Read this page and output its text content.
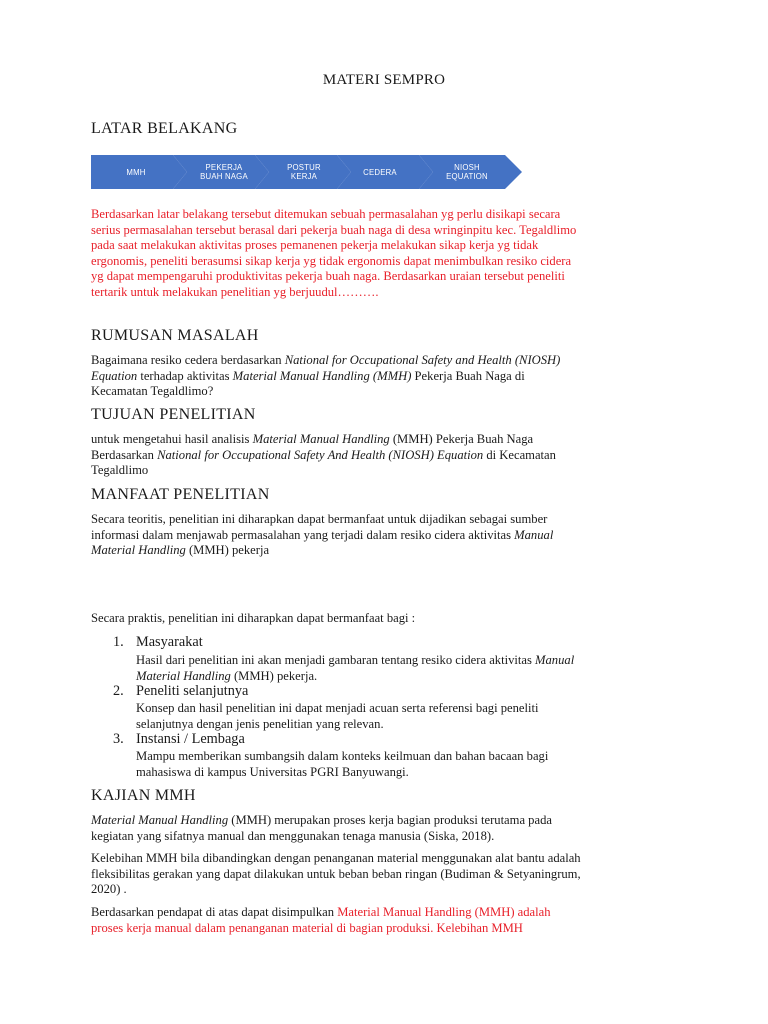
MATERI SEMPRO
LATAR BELAKANG
MMH	PEKERJA
BUAH NAGA
POSTUR
KERJA	CEDERA	NIOSH
EQUATION
Berdasarkan latar belakang tersebut ditemukan sebuah permasalahan yg perlu disikapi secara
serius permasalahan tersebut berasal dari pekerja buah naga di desa wringinpitu kec. Tegaldlimo
pada saat melakukan aktivitas proses pemanenen pekerja melakukan sikap kerja yg tidak
ergonomis, peneliti berasumsi sikap kerja yg tidak ergonomis dapat menimbulkan resiko cidera
yg dapat mempengaruhi produktivitas pekerja buah naga. Berdasarkan uraian tersebut peneliti
tertarik untuk melakukan penelitian yg berjuudul……….
RUMUSAN MASALAH
Bagaimana resiko cedera berdasarkan National for Occupational Safety and Health (NIOSH)
Equation terhadap aktivitas Material Manual Handling (MMH) Pekerja Buah Naga di
Kecamatan Tegaldlimo?
TUJUAN PENELITIAN
untuk mengetahui hasil analisis Material Manual Handling (MMH) Pekerja Buah Naga
Berdasarkan National for Occupational Safety And Health (NIOSH) Equation di Kecamatan
Tegaldlimo
MANFAAT PENELITIAN
Secara teoritis, penelitian ini diharapkan dapat bermanfaat untuk dijadikan sebagai sumber
informasi dalam menjawab permasalahan yang terjadi dalam resiko cidera aktivitas Manual
Material Handling (MMH) pekerja
Secara praktis, penelitian ini diharapkan dapat bermanfaat bagi :
1. Masyarakat
Hasil dari penelitian ini akan menjadi gambaran tentang resiko cidera aktivitas Manual
Material Handling (MMH) pekerja.
2. Peneliti selanjutnya
Konsep dan hasil penelitian ini dapat menjadi acuan serta referensi bagi peneliti
selanjutnya dengan jenis penelitian yang relevan.
3. Instansi / Lembaga
Mampu memberikan sumbangsih dalam konteks keilmuan dan bahan bacaan bagi
mahasiswa di kampus Universitas PGRI Banyuwangi.
KAJIAN MMH
Material Manual Handling (MMH) merupakan proses kerja bagian produksi terutama pada
kegiatan yang sifatnya manual dan menggunakan tenaga manusia (Siska, 2018).
Kelebihan MMH bila dibandingkan dengan penanganan material menggunakan alat bantu adalah
fleksibilitas gerakan yang dapat dilakukan untuk beban beban ringan (Budiman & Setyaningrum,
2020) .
Berdasarkan pendapat di atas dapat disimpulkan Material Manual Handling (MMH) adalah
proses kerja manual dalam penanganan material di bagian produksi. Kelebihan MMH
